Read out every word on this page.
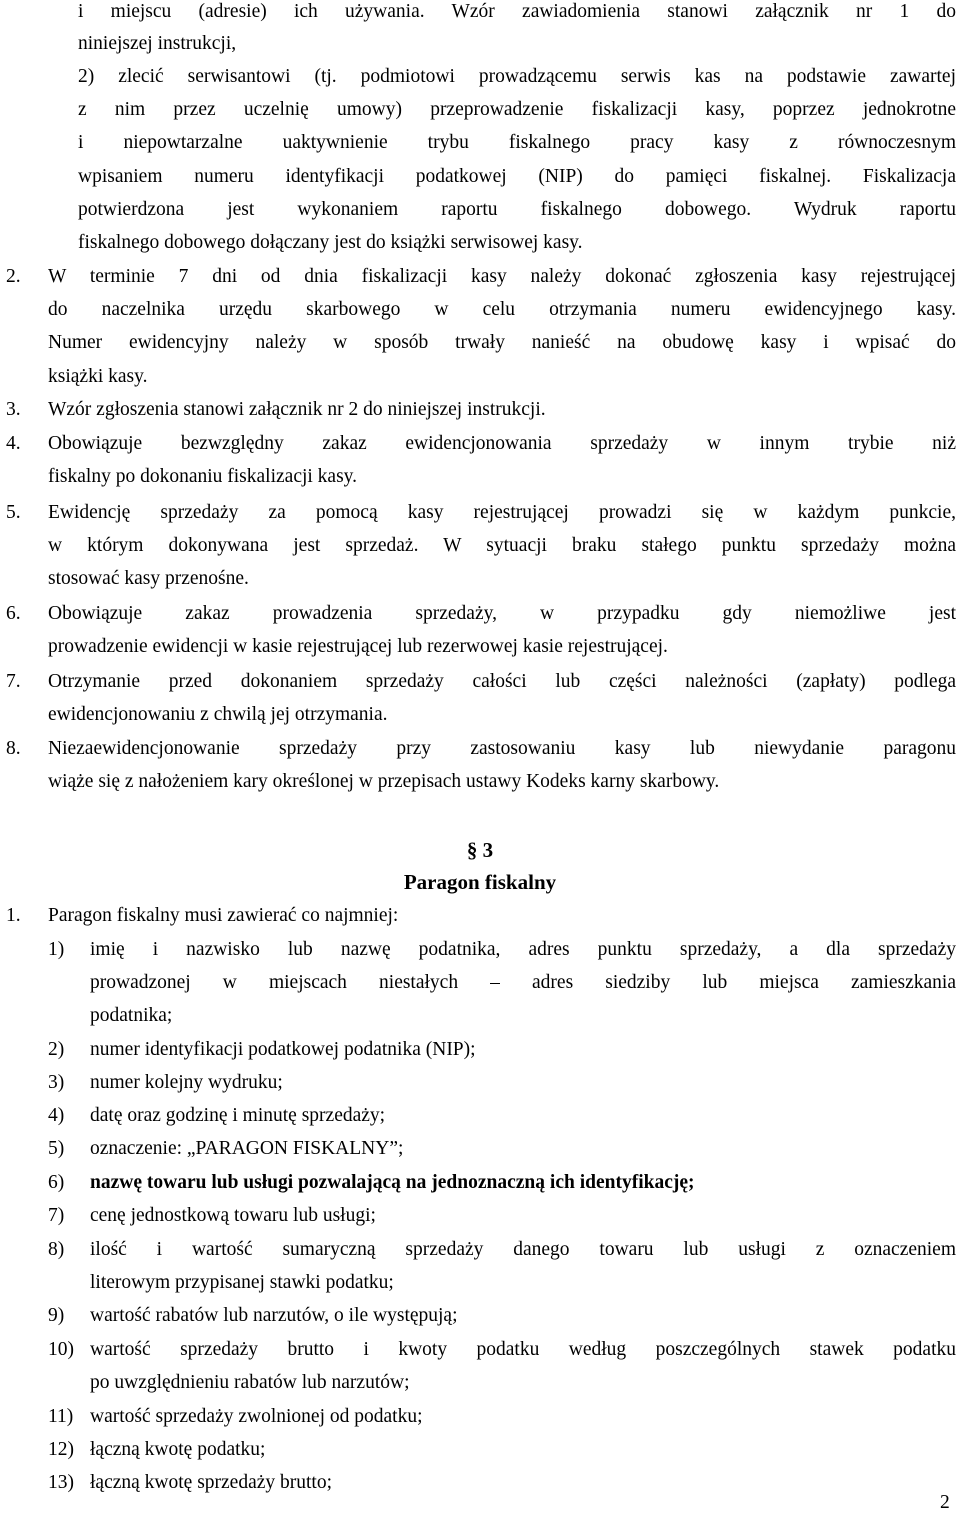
i miejscu (adresie) ich używania. Wzór zawiadomienia stanowi załącznik nr 1 do
niniejszej instrukcji,
2) zlecić serwisantowi (tj. podmiotowi prowadzącemu serwis kas na podstawie zawartej
z nim przez uczelnię umowy) przeprowadzenie fiskalizacji kasy, poprzez jednokrotne
i niepowtarzalne uaktywnienie trybu fiskalnego pracy kasy z równoczesnym
wpisaniem numeru identyfikacji podatkowej (NIP) do pamięci fiskalnej. Fiskalizacja
potwierdzona jest wykonaniem raportu fiskalnego dobowego. Wydruk raportu
fiskalnego dobowego dołączany jest do książki serwisowej kasy.
2. W terminie 7 dni od dnia fiskalizacji kasy należy dokonać zgłoszenia kasy rejestrującej
do naczelnika urzędu skarbowego w celu otrzymania numeru ewidencyjnego kasy.
Numer ewidencyjny należy w sposób trwały nanieść na obudowę kasy i wpisać do
książki kasy.
3. Wzór zgłoszenia stanowi załącznik nr 2 do niniejszej instrukcji.
4. Obowiązuje bezwzględny zakaz ewidencjonowania sprzedaży w innym trybie niż
fiskalny po dokonaniu fiskalizacji kasy.
5. Ewidencję sprzedaży za pomocą kasy rejestrującej prowadzi się w każdym punkcie,
w którym dokonywana jest sprzedaż. W sytuacji braku stałego punktu sprzedaży można
stosować kasy przenośne.
6. Obowiązuje zakaz prowadzenia sprzedaży, w przypadku gdy niemożliwe jest
prowadzenie ewidencji w kasie rejestrującej lub rezerwowej kasie rejestrującej.
7. Otrzymanie przed dokonaniem sprzedaży całości lub części należności (zapłaty) podlega
ewidencjonowaniu z chwilą jej otrzymania.
8. Niezaewidencjonowanie sprzedaży przy zastosowaniu kasy lub niewydanie paragonu
wiąże się z nałożeniem kary określonej w przepisach ustawy Kodeks karny skarbowy.
§ 3
Paragon fiskalny
1. Paragon fiskalny musi zawierać co najmniej:
1) imię i nazwisko lub nazwę podatnika, adres punktu sprzedaży, a dla sprzedaży
prowadzonej w miejscach niestałych – adres siedziby lub miejsca zamieszkania
podatnika;
2) numer identyfikacji podatkowej podatnika (NIP);
3) numer kolejny wydruku;
4) datę oraz godzinę i minutę sprzedaży;
5) oznaczenie: „PARAGON FISKALNY”;
6) nazwę towaru lub usługi pozwalającą na jednoznaczną ich identyfikację;
7) cenę jednostkową towaru lub usługi;
8) ilość i wartość sumaryczną sprzedaży danego towaru lub usługi z oznaczeniem
literowym przypisanej stawki podatku;
9) wartość rabatów lub narzutów, o ile występują;
10) wartość sprzedaży brutto i kwoty podatku według poszczególnych stawek podatku
po uwzględnieniu rabatów lub narzutów;
11) wartość sprzedaży zwolnionej od podatku;
12) łączną kwotę podatku;
13) łączną kwotę sprzedaży brutto;
2
